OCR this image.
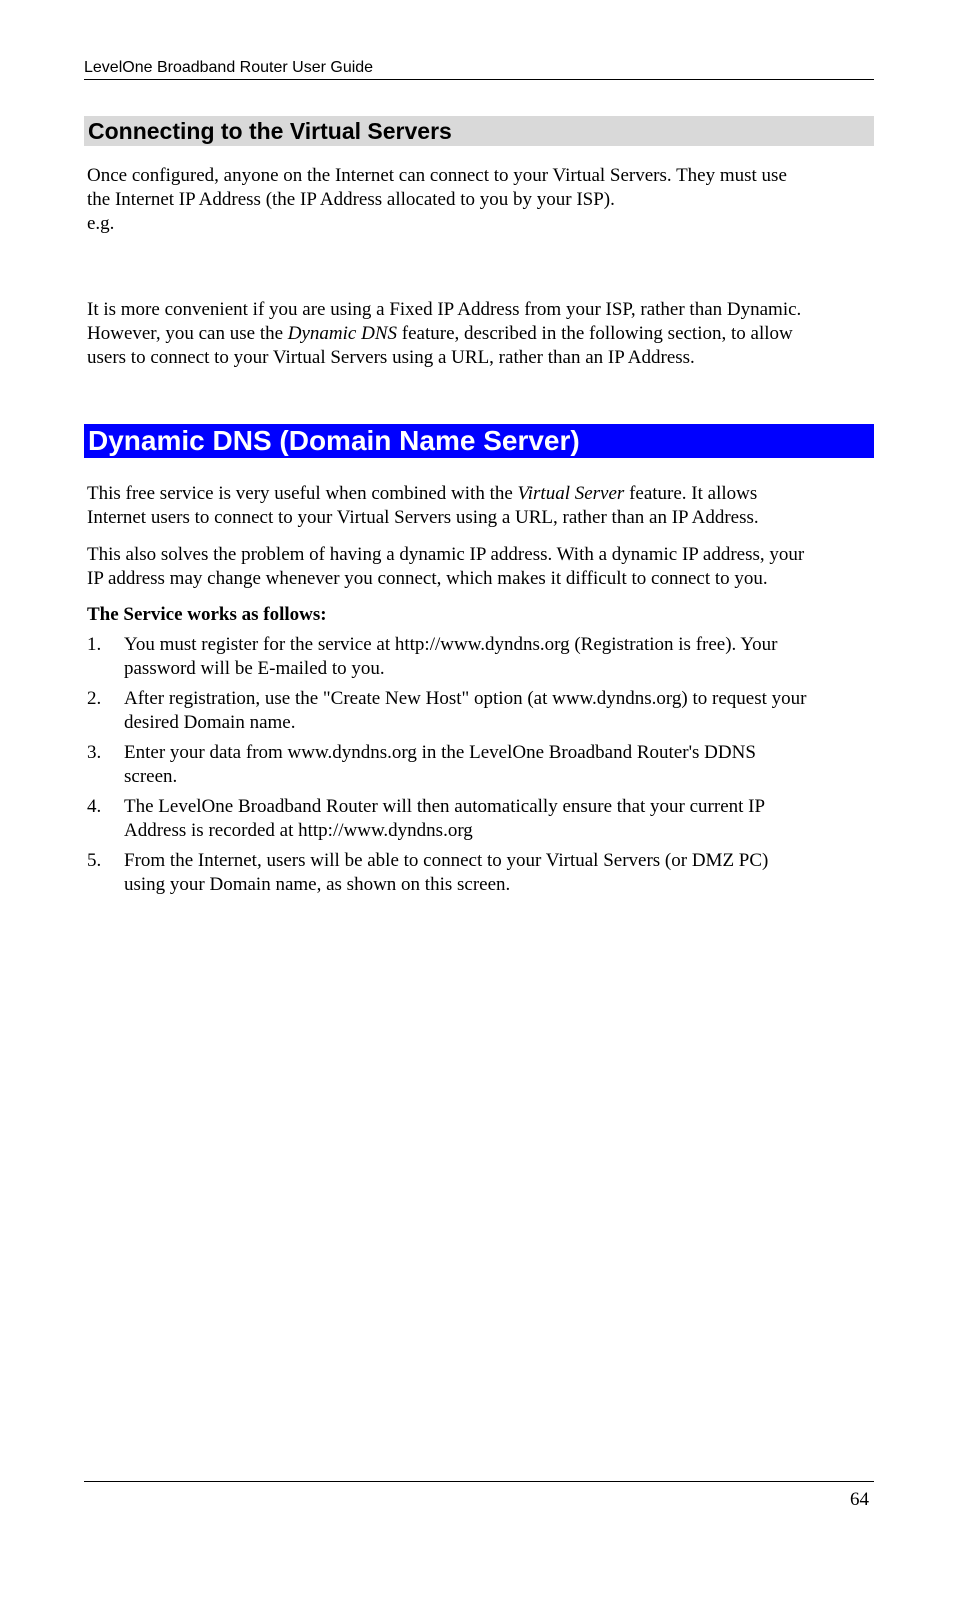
LevelOne Broadband Router User Guide
Connecting to the Virtual Servers

Once configured, anyone on the Internet can connect to your Virtual Servers. They must use

the Internet IP Address (the IP Address allocated to you by your ISP).

e.g.

It is more convenient if you are using a Fixed IP Address from your ISP, rather than Dynamic.

However, you can use the Dynamic DNS feature, described in the following section, to allow

users to connect to your Virtual Servers using a URL, rather than an IP Address.

Dynamic DNS (Domain Name Server)

This free service is very useful when combined with the Virtual Server feature. It allows

Internet users to connect to your Virtual Servers using a URL, rather than an IP Address.

This also solves the problem of having a dynamic IP address. With a dynamic IP address, your

IP address may change whenever you connect, which makes it difficult to connect to you.

The Service works as follows:
1.	You must register for the service at http://www.dyndns.org (Registration is free). Your
password will be E-mailed to you.
2.	After registration, use the "Create New Host" option (at www.dyndns.org) to request your
desired Domain name.
3.	Enter your data from www.dyndns.org in the LevelOne Broadband Router's DDNS
screen.
4.	The LevelOne Broadband Router will then automatically ensure that your current IP
Address is recorded at http://www.dyndns.org
5.	From the Internet, users will be able to connect to your Virtual Servers (or DMZ PC)
using your Domain name, as shown on this screen.
64
